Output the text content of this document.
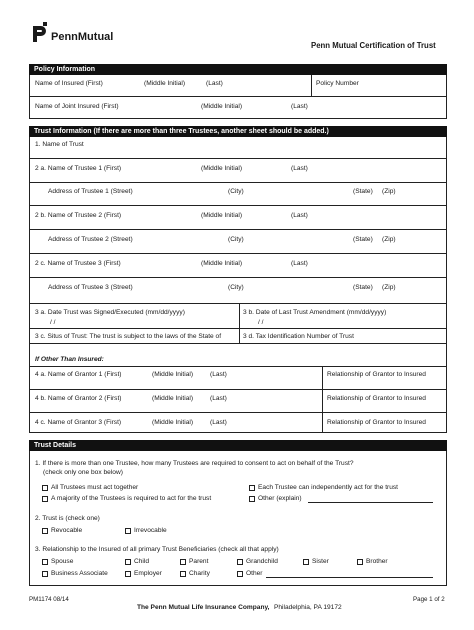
PennMutual
Penn Mutual Certification of Trust
Policy Information
Name of Insured (First)	(Middle Initial)	(Last)	Policy Number
Name of Joint Insured (First)	(Middle Initial)	(Last)
Trust Information (If there are more than three Trustees, another sheet should be added.)
1. Name of Trust
2 a. Name of Trustee 1 (First)	(Middle Initial)	(Last)
Address of Trustee 1 (Street)	(City)	(State) (Zip)
2 b. Name of Trustee 2 (First)	(Middle Initial)	(Last)
Address of Trustee 2 (Street)	(City)	(State) (Zip)
2 c. Name of Trustee 3 (First)	(Middle Initial)	(Last)
Address of Trustee 3 (Street)	(City)	(State) (Zip)
3 a. Date Trust was Signed/Executed (mm/dd/yyyy)
/ /
3 b. Date of Last Trust Amendment (mm/dd/yyyy)
/ /
3 c. Situs of Trust: The trust is subject to the laws of the State of	3 d. Tax Identification Number of Trust
If Other Than Insured:
4 a. Name of Grantor 1 (First)	(Middle Initial)	(Last)	Relationship of Grantor to Insured
4 b. Name of Grantor 2 (First)	(Middle Initial)	(Last)	Relationship of Grantor to Insured
4 c. Name of Grantor 3 (First)	(Middle Initial)	(Last)	Relationship of Grantor to Insured
Trust Details
1. If there is more than one Trustee, how many Trustees are required to consent to act on behalf of the Trust?
(check only one box below)
All Trustees must act together	Each Trustee can independently act for the trust
A majority of the Trustees is required to act for the trust	Other (explain)
2. Trust is (check one)
Revocable	Irrevocable
3. Relationship to the Insured of all primary Trust Beneficiaries (check all that apply)
Spouse	Child	Parent	Grandchild	Sister	Brother
Business Associate	Employer	Charity	Other
PM1174 08/14
The Penn Mutual Life Insurance Company, Philadelphia, PA 19172
Page 1 of 2
